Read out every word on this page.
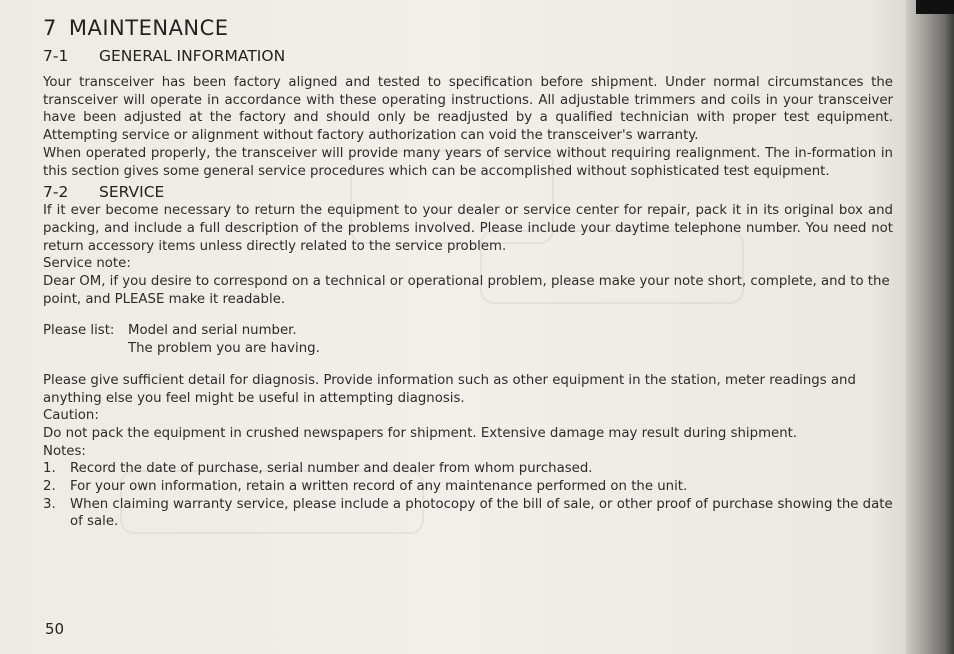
7 MAINTENANCE
7-1 GENERAL INFORMATION

Your transceiver has been factory aligned and tested to specification before shipment. Under normal circumstances the transceiver will operate in accordance with these operating instructions. All adjustable trimmers and coils in your transceiver have been adjusted at the factory and should only be readjusted by a qualified technician with proper test equipment. Attempting service or alignment without factory authorization can void the transceiver's warranty.

When operated properly, the transceiver will provide many years of service without requiring realignment. The in-formation in this section gives some general service procedures which can be accomplished without sophisticated test equipment.

7-2 SERVICE

If it ever become necessary to return the equipment to your dealer or service center for repair, pack it in its original box and packing, and include a full description of the problems involved. Please include your daytime telephone number. You need not return accessory items unless directly related to the service problem.

Service note:

Dear OM, if you desire to correspond on a technical or operational problem, please make your note short, complete, and to the point, and PLEASE make it readable.

Please list:	Model and serial number.
The problem you are having.

Please give sufficient detail for diagnosis. Provide information such as other equipment in the station, meter readings and anything else you feel might be useful in attempting diagnosis.

Caution:

Do not pack the equipment in crushed newspapers for shipment. Extensive damage may result during shipment.

Notes:

1.	Record the date of purchase, serial number and dealer from whom purchased.
2.	For your own information, retain a written record of any maintenance performed on the unit.
3.	When claiming warranty service, please include a photocopy of the bill of sale, or other proof of purchase showing the date of sale.
50
